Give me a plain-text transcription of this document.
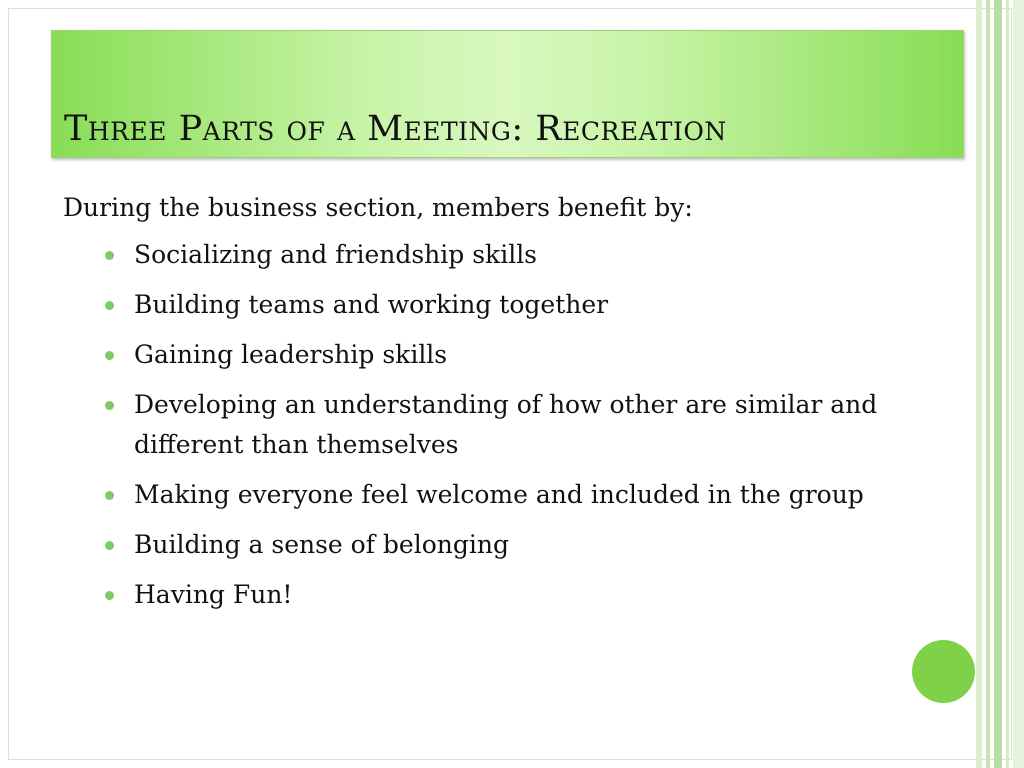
Three Parts of a Meeting: Recreation

During the business section, members benefit by:

Socializing and friendship skills
Building teams and working together
Gaining leadership skills
Developing an understanding of how other are similar and different than themselves
Making everyone feel welcome and included in the group
Building a sense of belonging
Having Fun!
